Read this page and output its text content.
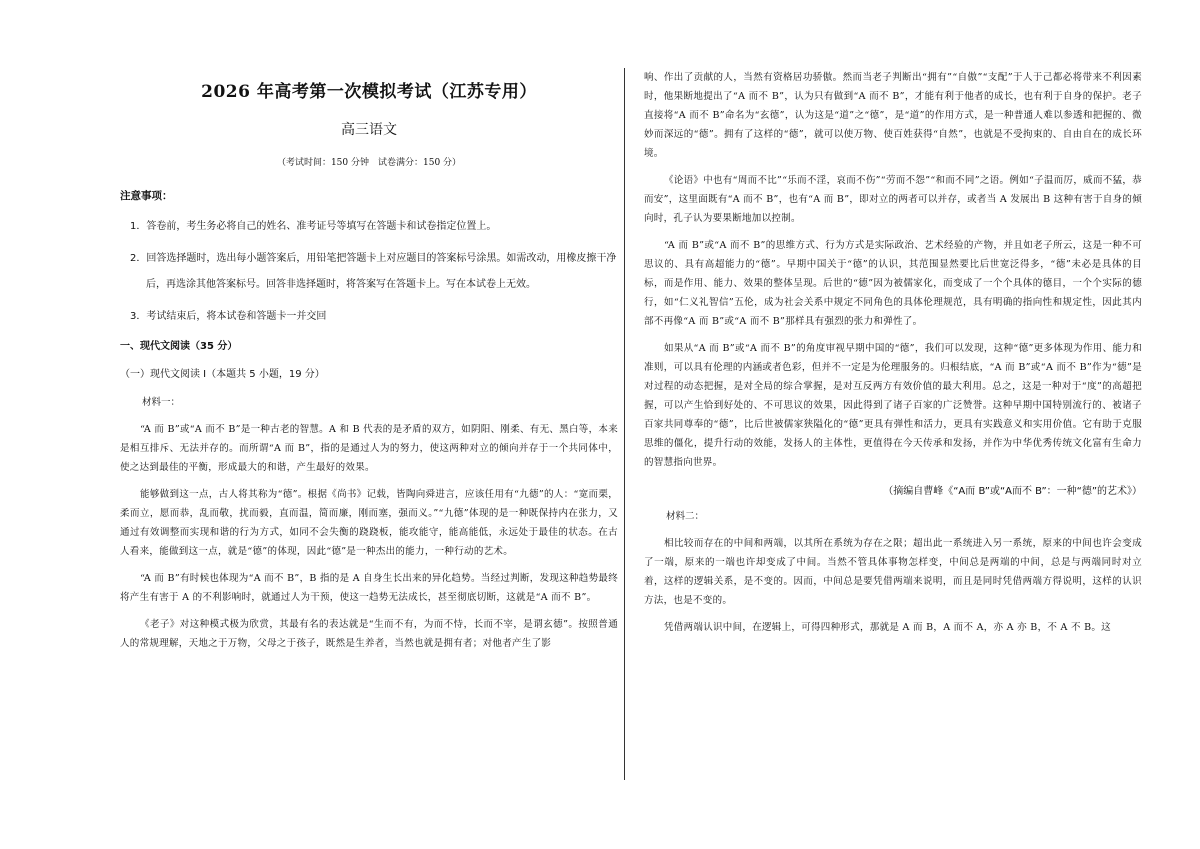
2026 年高考第一次模拟考试（江苏专用）
高三语文
（考试时间：150 分钟　试卷满分：150 分）
注意事项：

1．答卷前，考生务必将自己的姓名、准考证号等填写在答题卡和试卷指定位置上。

2．回答选择题时，选出每小题答案后，用铅笔把答题卡上对应题目的答案标号涂黑。如需改动，用橡皮擦干净后，再选涂其他答案标号。回答非选择题时，将答案写在答题卡上。写在本试卷上无效。

3．考试结束后，将本试卷和答题卡一并交回

一、现代文阅读（35 分）
（一）现代文阅读 I（本题共 5 小题，19 分）
材料一：

“A 而 B”或“A 而不 B”是一种古老的智慧。A 和 B 代表的是矛盾的双方，如阴阳、刚柔、有无、黑白等，本来是相互排斥、无法并存的。而所谓“A 而 B”，指的是通过人为的努力，使这两种对立的倾向并存于一个共同体中，使之达到最佳的平衡，形成最大的和谐，产生最好的效果。

能够做到这一点，古人将其称为“德”。根据《尚书》记载，皆陶向舜进言，应该任用有“九德”的人：“宽而栗，柔而立，愿而恭，乱而敬，扰而毅，直而温，简而廉，刚而塞，强而义。”“九德”体现的是一种既保持内在张力，又通过有效调整而实现和谐的行为方式，如同不会失衡的跷跷板，能攻能守，能高能低，永远处于最佳的状态。在古人看来，能做到这一点，就是“德”的体现，因此“德”是一种杰出的能力，一种行动的艺术。

“A 而 B”有时候也体现为“A 而不 B”，B 指的是 A 自身生长出来的异化趋势。当经过判断，发现这种趋势最终将产生有害于 A 的不利影响时，就通过人为干预，使这一趋势无法成长，甚至彻底切断，这就是“A 而不 B”。

《老子》对这种模式极为欣赏，其最有名的表达就是“生而不有，为而不恃，长而不宰，是谓玄德”。按照普通人的常规理解，天地之于万物，父母之于孩子，既然是生养者，当然也就是拥有者；对他者产生了影

响、作出了贡献的人，当然有资格居功骄傲。然而当老子判断出“拥有”“自傲”“支配”于人于己都必将带来不利因素时，他果断地提出了“A 而不 B”，认为只有做到“A 而不 B”，才能有利于他者的成长，也有利于自身的保护。老子直接将“A 而不 B”命名为“玄德”，认为这是“道”之“德”，是“道”的作用方式，是一种普通人难以参透和把握的、微妙而深远的“德”。拥有了这样的“德”，就可以使万物、使百姓获得“自然”，也就是不受拘束的、自由自在的成长环境。

《论语》中也有“周而不比”“乐而不淫，哀而不伤”“劳而不怨”“和而不同”之语。例如“子温而厉，威而不猛，恭而安”，这里面既有“A 而不 B”，也有“A 而 B”，即对立的两者可以并存，或者当 A 发展出 B 这种有害于自身的倾向时，孔子认为要果断地加以控制。

“A 而 B”或“A 而不 B”的思维方式、行为方式是实际政治、艺术经验的产物，并且如老子所云，这是一种不可思议的、具有高超能力的“德”。早期中国关于“德”的认识，其范围显然要比后世宽泛得多，“德”未必是具体的目标，而是作用、能力、效果的整体呈现。后世的“德”因为被儒家化，而变成了一个个具体的德目，一个个实际的德行，如“仁义礼智信”五伦，成为社会关系中规定不同角色的具体伦理规范，具有明确的指向性和规定性，因此其内部不再像“A 而 B”或“A 而不 B”那样具有强烈的张力和弹性了。

如果从“A 而 B”或“A 而不 B”的角度审视早期中国的“德”，我们可以发现，这种“德”更多体现为作用、能力和准则，可以具有伦理的内涵或者色彩，但并不一定是为伦理服务的。归根结底，“A 而 B”或“A 而不 B”作为“德”是对过程的动态把握，是对全局的综合掌握，是对互反两方有效价值的最大利用。总之，这是一种对于“度”的高超把握，可以产生恰到好处的、不可思议的效果，因此得到了诸子百家的广泛赞誉。这种早期中国特别流行的、被诸子百家共同尊奉的“德”，比后世被儒家狭隘化的“德”更具有弹性和活力，更具有实践意义和实用价值。它有助于克服思维的僵化，提升行动的效能，发扬人的主体性，更值得在今天传承和发扬，并作为中华优秀传统文化富有生命力的智慧指向世界。

（摘编自曹峰《“A而 B”或“A而不 B”：一种“德”的艺术》）
材料二：

相比较而存在的中间和两端，以其所在系统为存在之限；超出此一系统进入另一系统，原来的中间也许会变成了一端，原来的一端也许却变成了中间。当然不管具体事物怎样变，中间总是两端的中间，总是与两端同时对立着，这样的逻辑关系，是不变的。因而，中间总是要凭借两端来说明，而且是同时凭借两端方得说明，这样的认识方法，也是不变的。

凭借两端认识中间，在逻辑上，可得四种形式，那就是 A 而 B，A 而不 A，亦 A 亦 B，不 A 不 B。这
